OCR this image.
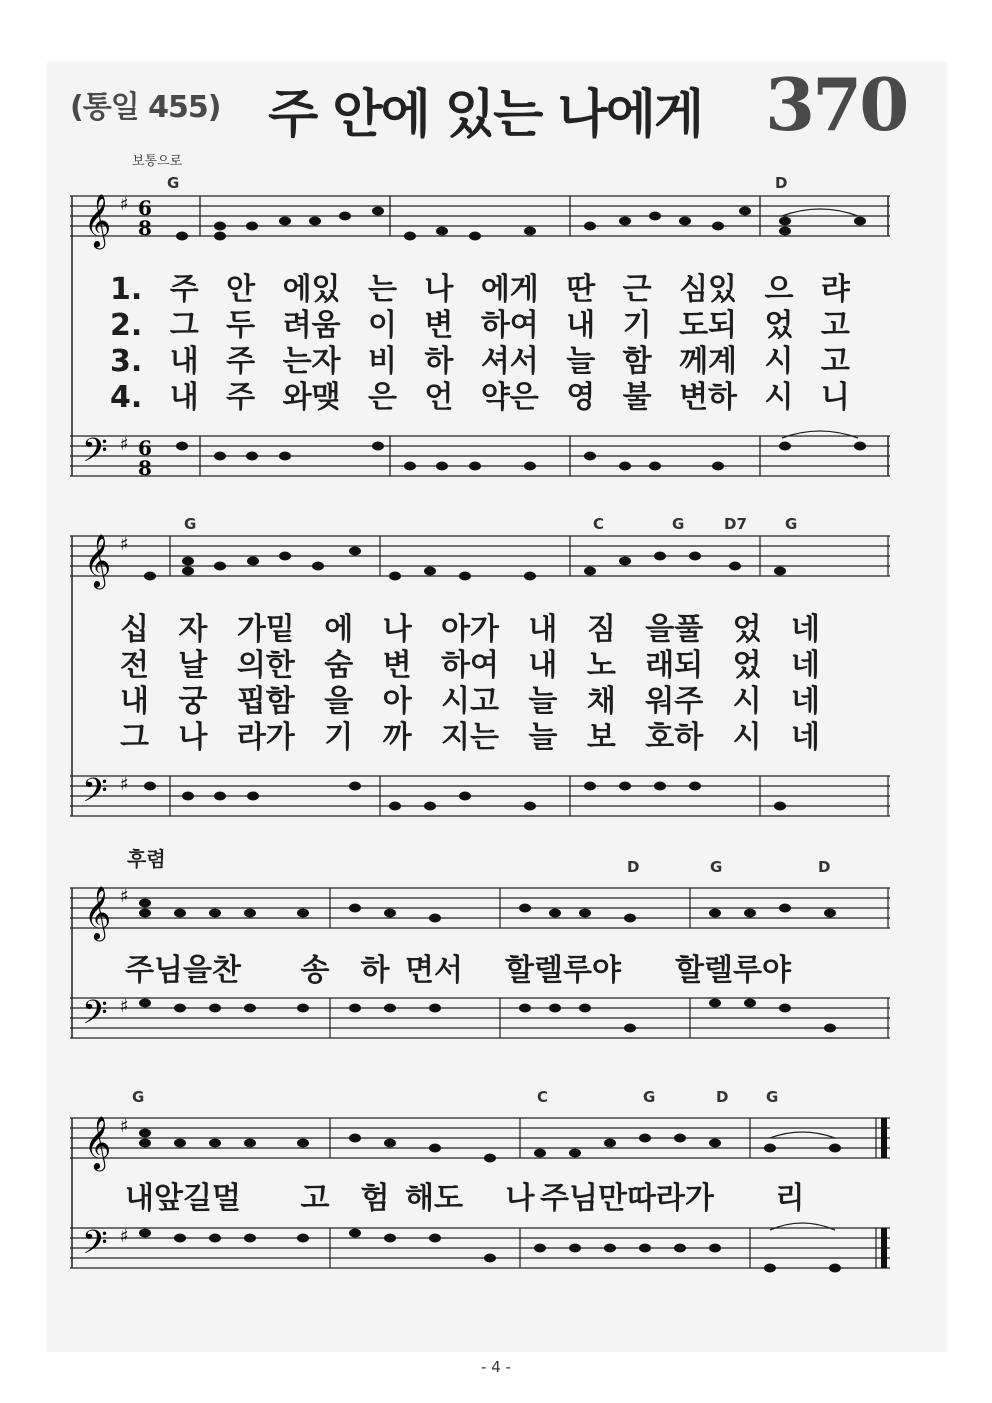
(통일 455) 주 안에 있는 나에게 370
보통으로
𝄞
𝄢
♯
♯
6
8
6
8
G	D
1. 주 안 에있 는 나 에게 딴 근 심있 으 랴
2. 그 두 려움 이 변 하여 내 기 도되 었 고
3. 내 주 는자 비 하 셔서 늘 함 께계 시 고
4. 내 주 와맺 은 언 약은 영 불 변하 시 니
𝄞
𝄢
♯
♯
G	C	G	D7	G
십 자 가밑 에 나 아가 내 짐 을풀 었 네
전 날 의한 숨 변 하여 내 노 래되 었 네
내 궁 핍함 을 아 시고 늘 채 워주 시 네
그 나 라가 기 까 지는 늘 보 호하 시 네
후렴
𝄞
𝄢
♯
♯
D	G	D
주님을찬	송	하 면서	할렐루야	할렐루야
𝄞
𝄢
♯
♯
G	C	G	D	G
내앞길멀	고	험 해도	나 주님만따라가	리
- 4 -
